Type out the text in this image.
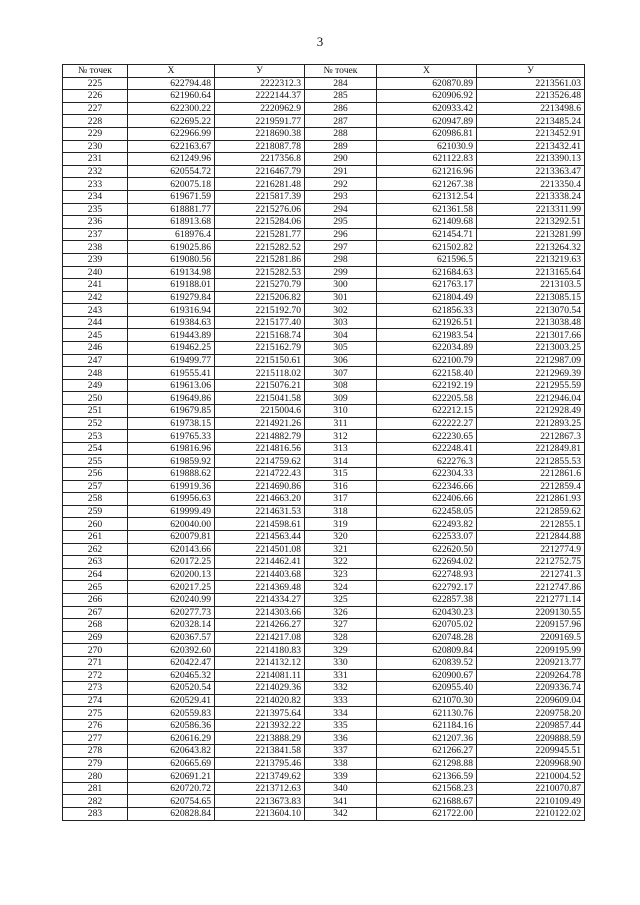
3
№ точек	X	У	№ точек	X	У
225	622794.48	2222312.3	284	620870.89	2213561.03
226	621960.64	2222144.37	285	620906.92	2213526.48
227	622300.22	2220962.9	286	620933.42	2213498.6
228	622695.22	2219591.77	287	620947.89	2213485.24
229	622966.99	2218690.38	288	620986.81	2213452.91
230	622163.67	2218087.78	289	621030.9	2213432.41
231	621249.96	2217356.8	290	621122.83	2213390.13
232	620554.72	2216467.79	291	621216.96	2213363.47
233	620075.18	2216281.48	292	621267.38	2213350.4
234	619671.59	2215817.39	293	621312.54	2213338.24
235	618881.77	2215276.06	294	621361.58	2213311.99
236	618913.68	2215284.06	295	621409.68	2213292.51
237	618976.4	2215281.77	296	621454.71	2213281.99
238	619025.86	2215282.52	297	621502.82	2213264.32
239	619080.56	2215281.86	298	621596.5	2213219.63
240	619134.98	2215282.53	299	621684.63	2213165.64
241	619188.01	2215270.79	300	621763.17	2213103.5
242	619279.84	2215206.82	301	621804.49	2213085.15
243	619316.94	2215192.70	302	621856.33	2213070.54
244	619384.63	2215177.40	303	621926.51	2213038.48
245	619443.89	2215168.74	304	621983.54	2213017.66
246	619462.25	2215162.79	305	622034.89	2213003.25
247	619499.77	2215150.61	306	622100.79	2212987.09
248	619555.41	2215118.02	307	622158.40	2212969.39
249	619613.06	2215076.21	308	622192.19	2212955.59
250	619649.86	2215041.58	309	622205.58	2212946.04
251	619679.85	2215004.6	310	622212.15	2212928.49
252	619738.15	2214921.26	311	622222.27	2212893.25
253	619765.33	2214882.79	312	622230.65	2212867.3
254	619816.96	2214816.56	313	622248.41	2212849.81
255	619859.92	2214759.62	314	622276.3	2212855.53
256	619888.62	2214722.43	315	622304.33	2212861.6
257	619919.36	2214690.86	316	622346.66	2212859.4
258	619956.63	2214663.20	317	622406.66	2212861.93
259	619999.49	2214631.53	318	622458.05	2212859.62
260	620040.00	2214598.61	319	622493.82	2212855.1
261	620079.81	2214563.44	320	622533.07	2212844.88
262	620143.66	2214501.08	321	622620.50	2212774.9
263	620172.25	2214462.41	322	622694.02	2212752.75
264	620200.13	2214403.68	323	622748.93	2212741.3
265	620217.25	2214369.48	324	622792.17	2212747.86
266	620240.99	2214334.27	325	622857.38	2212771.14
267	620277.73	2214303.66	326	620430.23	2209130.55
268	620328.14	2214266.27	327	620705.02	2209157.96
269	620367.57	2214217.08	328	620748.28	2209169.5
270	620392.60	2214180.83	329	620809.84	2209195.99
271	620422.47	2214132.12	330	620839.52	2209213.77
272	620465.32	2214081.11	331	620900.67	2209264.78
273	620520.54	2214029.36	332	620955.40	2209336.74
274	620529.41	2214020.82	333	621070.30	2209609.04
275	620559.83	2213975.64	334	621130.76	2209758.20
276	620586.36	2213932.22	335	621184.16	2209857.44
277	620616.29	2213888.29	336	621207.36	2209888.59
278	620643.82	2213841.58	337	621266.27	2209945.51
279	620665.69	2213795.46	338	621298.88	2209968.90
280	620691.21	2213749.62	339	621366.59	2210004.52
281	620720.72	2213712.63	340	621568.23	2210070.87
282	620754.65	2213673.83	341	621688.67	2210109.49
283	620828.84	2213604.10	342	621722.00	2210122.02
